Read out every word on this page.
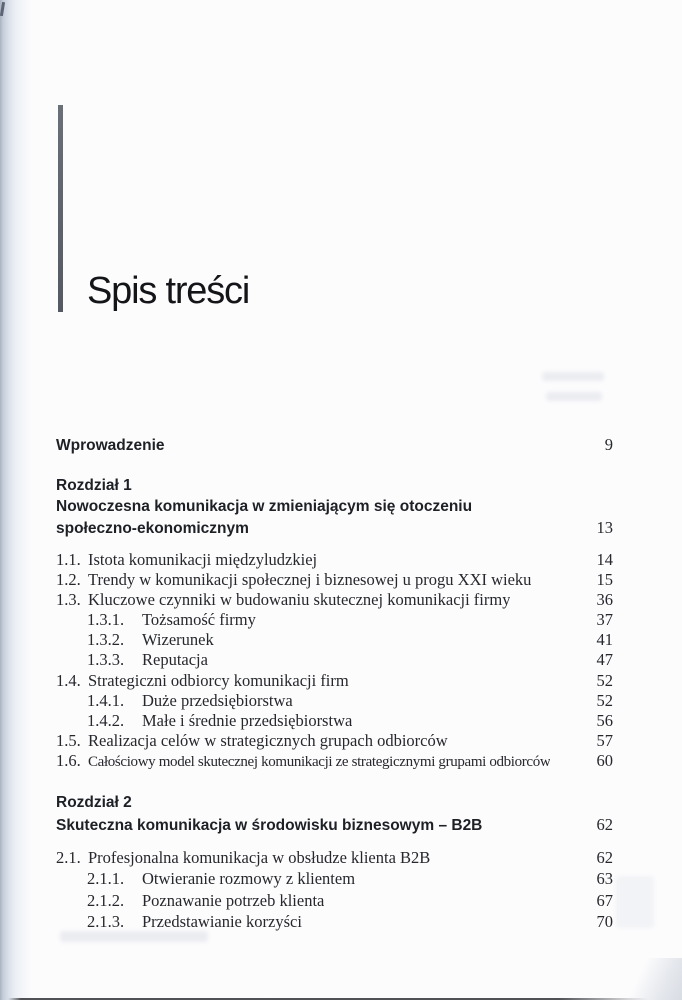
Spis treści
Wprowadzenie	9
Rozdział 1
Nowoczesna komunikacja w zmieniającym się otoczeniu
społeczno-ekonomicznym	13
1.1. Istota komunikacji międzyludzkiej	14
1.2. Trendy w komunikacji społecznej i biznesowej u progu XXI wieku	15
1.3. Kluczowe czynniki w budowaniu skutecznej komunikacji firmy	36
1.3.1.	Tożsamość firmy	37
1.3.2.	Wizerunek	41
1.3.3.	Reputacja	47
1.4. Strategiczni odbiorcy komunikacji firm	52
1.4.1.	Duże przedsiębiorstwa	52
1.4.2.	Małe i średnie przedsiębiorstwa	56
1.5. Realizacja celów w strategicznych grupach odbiorców	57
1.6. Całościowy model skutecznej komunikacji ze strategicznymi grupami odbiorców	60
Rozdział 2
Skuteczna komunikacja w środowisku biznesowym – B2B	62
2.1. Profesjonalna komunikacja w obsłudze klienta B2B	62
2.1.1.	Otwieranie rozmowy z klientem	63
2.1.2.	Poznawanie potrzeb klienta	67
2.1.3.	Przedstawianie korzyści	70
